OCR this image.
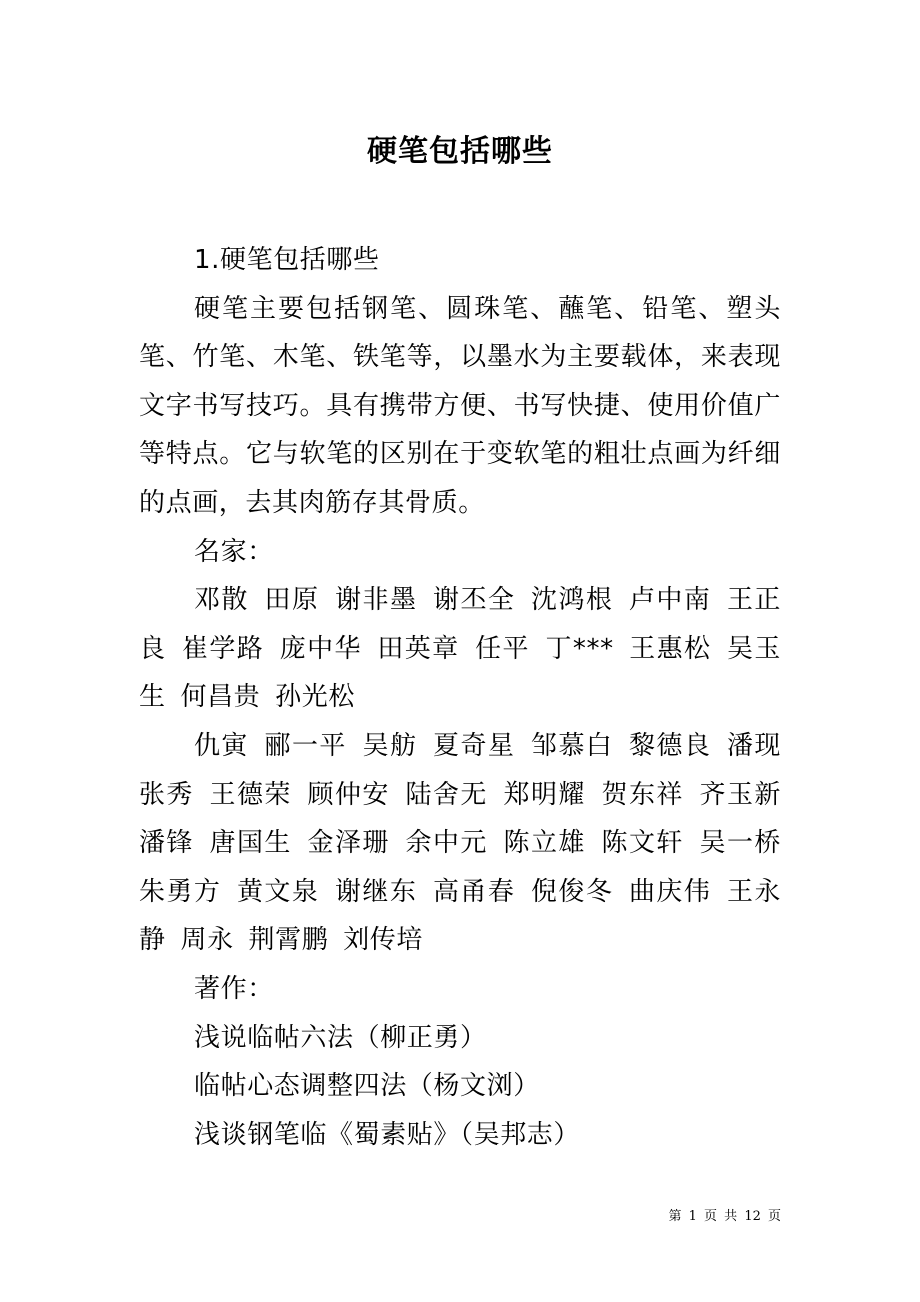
硬笔包括哪些

1.硬笔包括哪些

硬笔主要包括钢笔、圆珠笔、蘸笔、铅笔、塑头笔、竹笔、木笔、铁笔等，以墨水为主要载体，来表现文字书写技巧。具有携带方便、书写快捷、使用价值广等特点。它与软笔的区别在于变软笔的粗壮点画为纤细的点画，去其肉筋存其骨质。

名家：

邓散 田原 谢非墨 谢丕全 沈鸿根 卢中南 王正良 崔学路 庞中华 田英章 任平 丁*** 王惠松 吴玉生 何昌贵 孙光松

仇寅 郦一平 吴舫 夏奇星 邹慕白 黎德良 潘现张秀 王德荣 顾仲安 陆舍无 郑明耀 贺东祥 齐玉新潘锋 唐国生 金泽珊 余中元 陈立雄 陈文轩 吴一桥朱勇方 黄文泉 谢继东 高甬春 倪俊冬 曲庆伟 王永静 周永 荆霄鹏 刘传培

著作：

浅说临帖六法（柳正勇）

临帖心态调整四法（杨文浏）

浅谈钢笔临《蜀素贴》（吴邦志）

第 1 页 共 12 页
